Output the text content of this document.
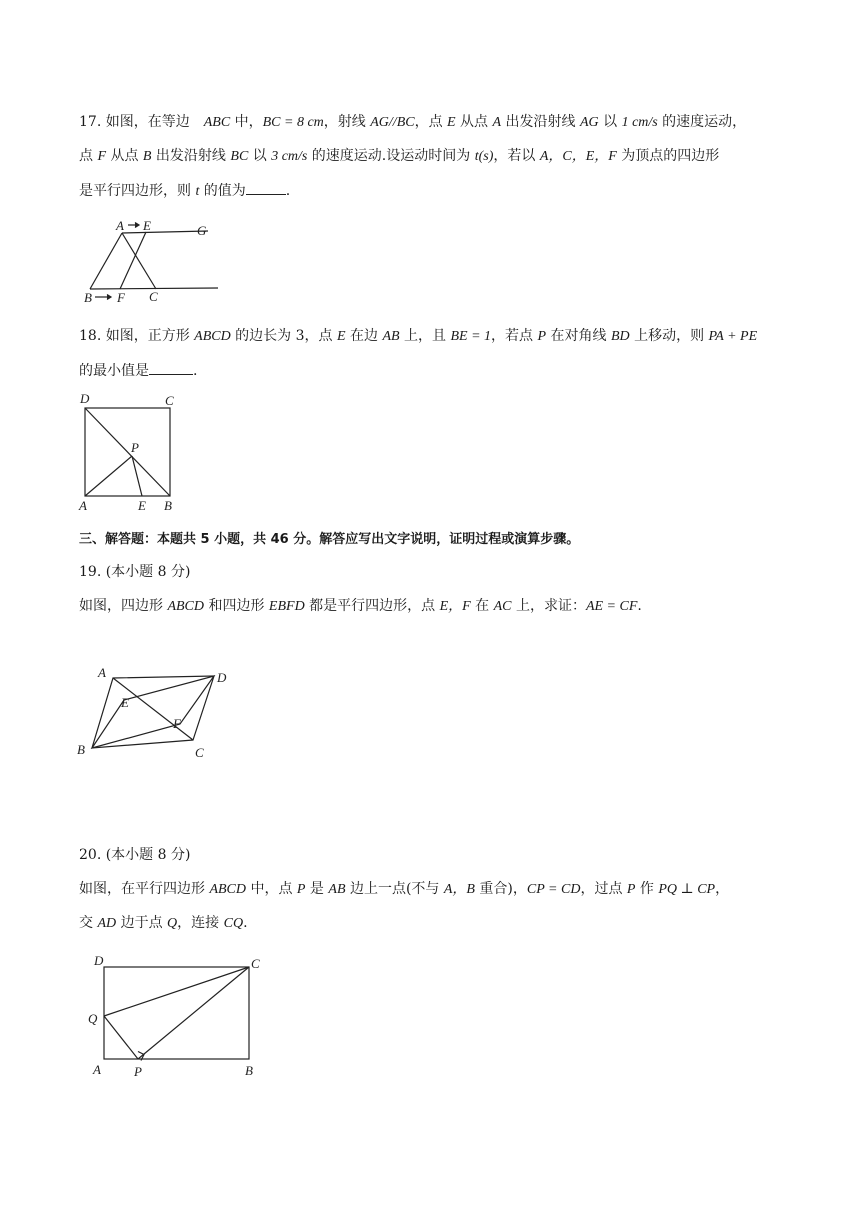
17. 如图，在等边 ABC 中，BC = 8 cm，射线 AG//BC，点 E 从点 A 出发沿射线 AG 以 1 cm/s 的速度运动，
点 F 从点 B 出发沿射线 BC 以 3 cm/s 的速度运动.设运动时间为 t(s)，若以 A，C，E，F 为顶点的四边形
是平行四边形，则 t 的值为	.
A E	G
B F C
18. 如图，正方形 ABCD 的边长为 3，点 E 在边 AB 上，且 BE = 1，若点 P 在对角线 BD 上移动，则 PA + PE
的最小值是	.
D	C
P
A	E B
三、解答题：本题共 5 小题，共 46 分。解答应写出文字说明，证明过程或演算步骤。
19. (本小题 8 分)
如图，四边形 ABCD 和四边形 EBFD 都是平行四边形，点 E，F 在 AC 上，求证：AE = CF.
A	D
E
F
B	C
20. (本小题 8 分)
如图，在平行四边形 ABCD 中，点 P 是 AB 边上一点(不与 A，B 重合)，CP = CD，过点 P 作 PQ ⊥ CP，
交 AD 边于点 Q，连接 CQ.
D	C
Q
A	P	B
